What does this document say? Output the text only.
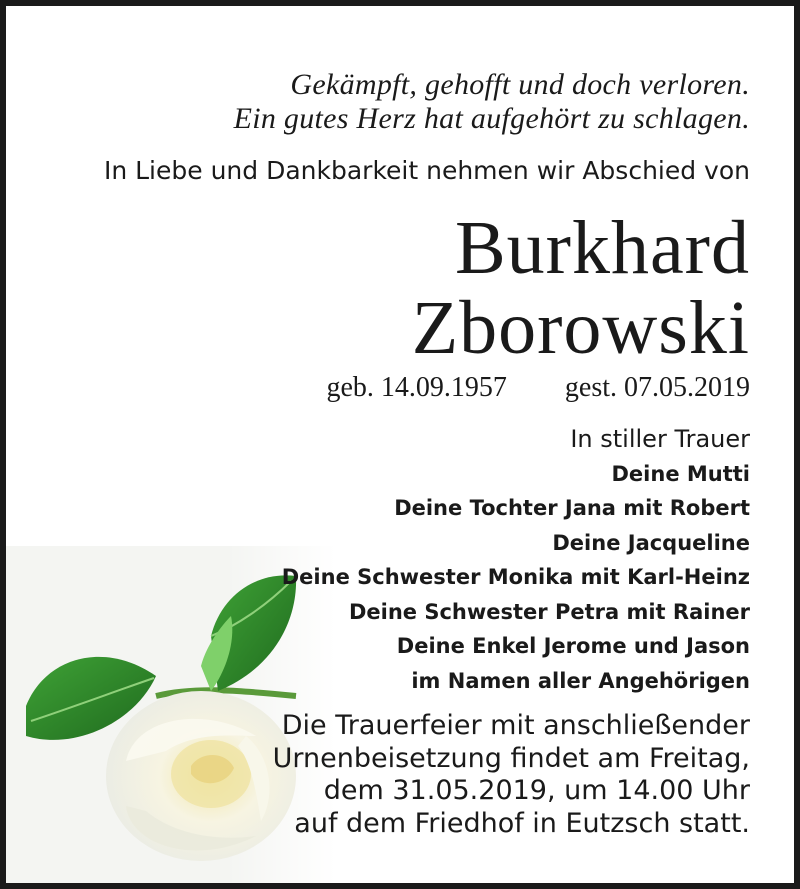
Gekämpft, gehofft und doch verloren.
Ein gutes Herz hat aufgehört zu schlagen.
In Liebe und Dankbarkeit nehmen wir Abschied von
Burkhard
Zborowski
geb. 14.09.1957 gest. 07.05.2019
In stiller Trauer
Deine Mutti
Deine Tochter Jana mit Robert
Deine Jacqueline
Deine Schwester Monika mit Karl-Heinz
Deine Schwester Petra mit Rainer
Deine Enkel Jerome und Jason
im Namen aller Angehörigen
Die Trauerfeier mit anschließender
Urnenbeisetzung findet am Freitag,
dem 31.05.2019, um 14.00 Uhr
auf dem Friedhof in Eutzsch statt.
